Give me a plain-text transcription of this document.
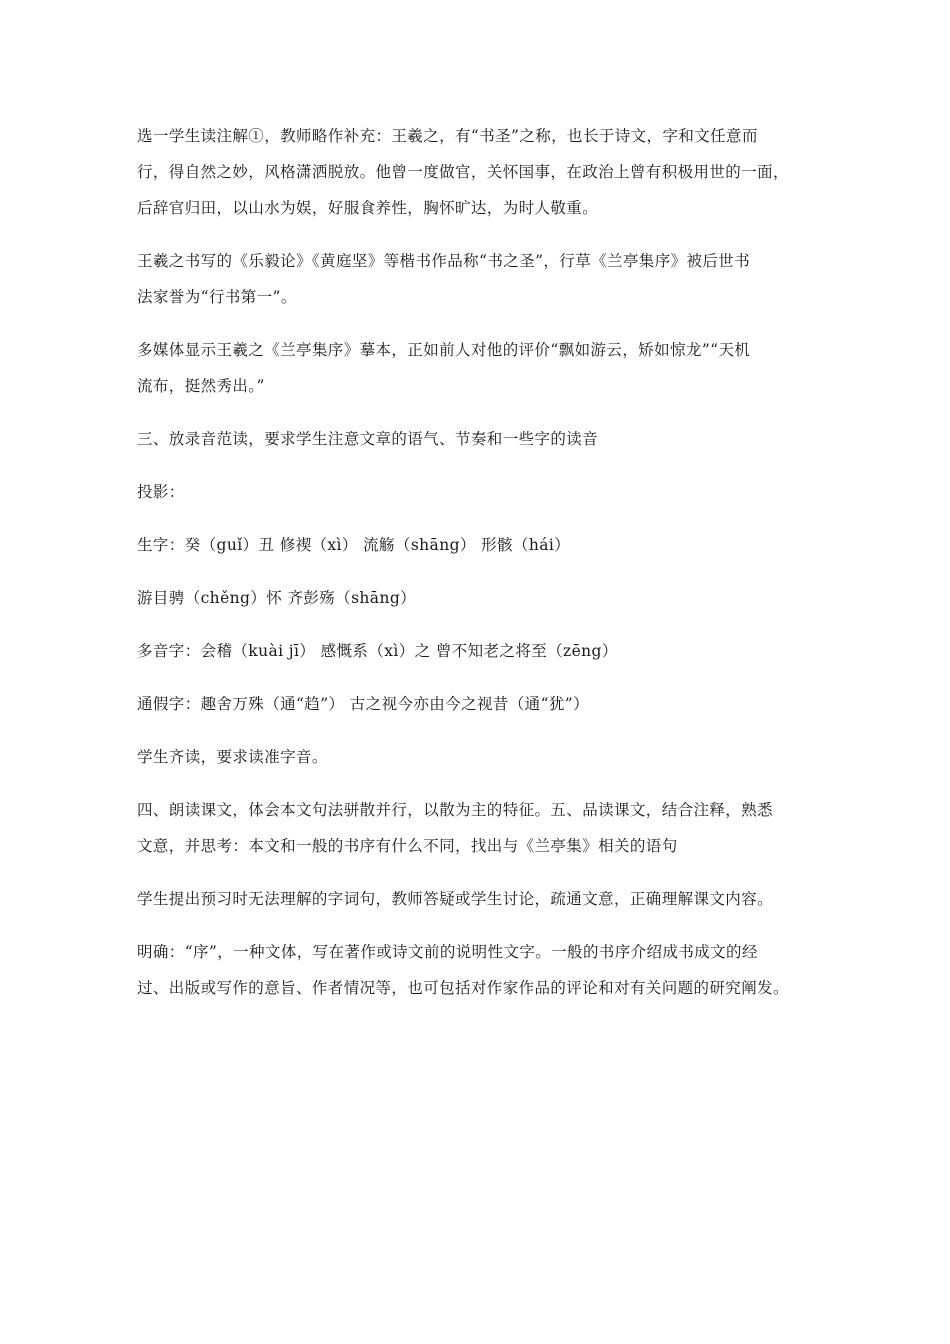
选一学生读注解①，教师略作补充：王羲之，有“书圣”之称，也长于诗文，字和文任意而
行，得自然之妙，风格潇洒脱放。他曾一度做官，关怀国事，在政治上曾有积极用世的一面，
后辞官归田，以山水为娱，好服食养性，胸怀旷达，为时人敬重。

王羲之书写的《乐毅论》《黄庭坚》等楷书作品称“书之圣”，行草《兰亭集序》被后世书
法家誉为“行书第一”。

多媒体显示王羲之《兰亭集序》摹本，正如前人对他的评价“飘如游云，矫如惊龙”“天机
流布，挺然秀出。”

三、放录音范读，要求学生注意文章的语气、节奏和一些字的读音

投影：

生字：癸（guǐ）丑 修禊（xì） 流觞（shāng） 形骸（hái）

游目骋（chěng）怀 齐彭殇（shāng）

多音字：会稽（kuài jī） 感慨系（xì）之 曾不知老之将至（zēng）

通假字：趣舍万殊（通“趋”） 古之视今亦由今之视昔（通“犹”）

学生齐读，要求读准字音。

四、朗读课文，体会本文句法骈散并行，以散为主的特征。五、品读课文，结合注释，熟悉
文意，并思考：本文和一般的书序有什么不同，找出与《兰亭集》相关的语句

学生提出预习时无法理解的字词句，教师答疑或学生讨论，疏通文意，正确理解课文内容。

明确：“序”，一种文体，写在著作或诗文前的说明性文字。一般的书序介绍成书成文的经
过、出版或写作的意旨、作者情况等，也可包括对作家作品的评论和对有关问题的研究阐发。
